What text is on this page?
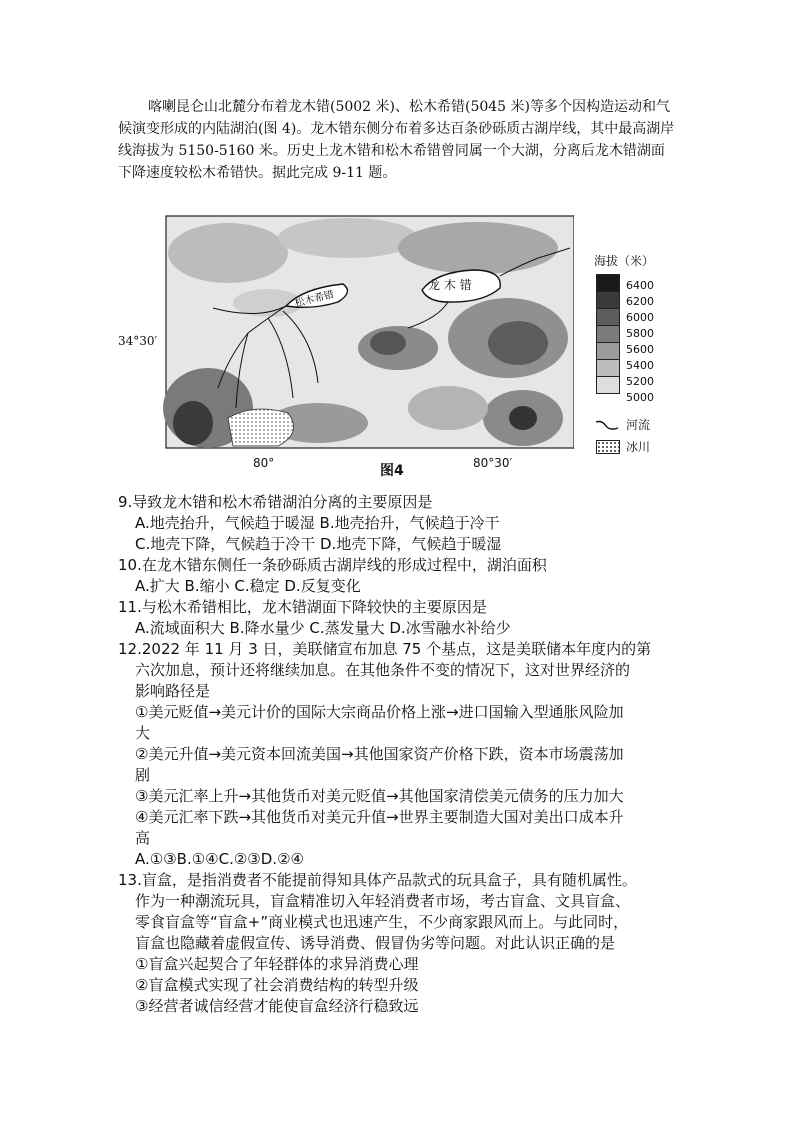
喀喇昆仑山北麓分布着龙木错(5002 米)、松木希错(5045 米)等多个因构造运动和气候演变形成的内陆湖泊(图 4)。龙木错东侧分布着多达百条砂砾质古湖岸线，其中最高湖岸线海拔为 5150-5160 米。历史上龙木错和松木希错曾同属一个大湖，分离后龙木错湖面下降速度较松木希错快。据此完成 9-11 题。

龙 木 错
松木希错
34°30′
80°	80°30′
图4
海拔（米）
6400
6200
6000
5800
5600
5400
5200
5000
河流
冰川
9.导致龙木错和松木希错湖泊分离的主要原因是
A.地壳抬升，气候趋于暖湿 B.地壳抬升，气候趋于冷干
C.地壳下降，气候趋于冷干 D.地壳下降，气候趋于暖湿
10.在龙木错东侧任一条砂砾质古湖岸线的形成过程中，湖泊面积
A.扩大 B.缩小 C.稳定 D.反复变化
11.与松木希错相比，龙木错湖面下降较快的主要原因是
A.流域面积大 B.降水量少 C.蒸发量大 D.冰雪融水补给少
12.2022 年 11 月 3 日，美联储宣布加息 75 个基点，这是美联储本年度内的第
六次加息，预计还将继续加息。在其他条件不变的情况下，这对世界经济的
影响路径是
①美元贬值→美元计价的国际大宗商品价格上涨→进口国输入型通胀风险加
大
②美元升值→美元资本回流美国→其他国家资产价格下跌，资本市场震荡加
剧
③美元汇率上升→其他货币对美元贬值→其他国家清偿美元债务的压力加大
④美元汇率下跌→其他货币对美元升值→世界主要制造大国对美出口成本升
高
A.①③B.①④C.②③D.②④
13.盲盒，是指消费者不能提前得知具体产品款式的玩具盒子，具有随机属性。
作为一种潮流玩具，盲盒精准切入年轻消费者市场，考古盲盒、文具盲盒、
零食盲盒等“盲盒+”商业模式也迅速产生，不少商家跟风而上。与此同时，
盲盒也隐藏着虚假宣传、诱导消费、假冒伪劣等问题。对此认识正确的是
①盲盒兴起契合了年轻群体的求异消费心理
②盲盒模式实现了社会消费结构的转型升级
③经营者诚信经营才能使盲盒经济行稳致远
